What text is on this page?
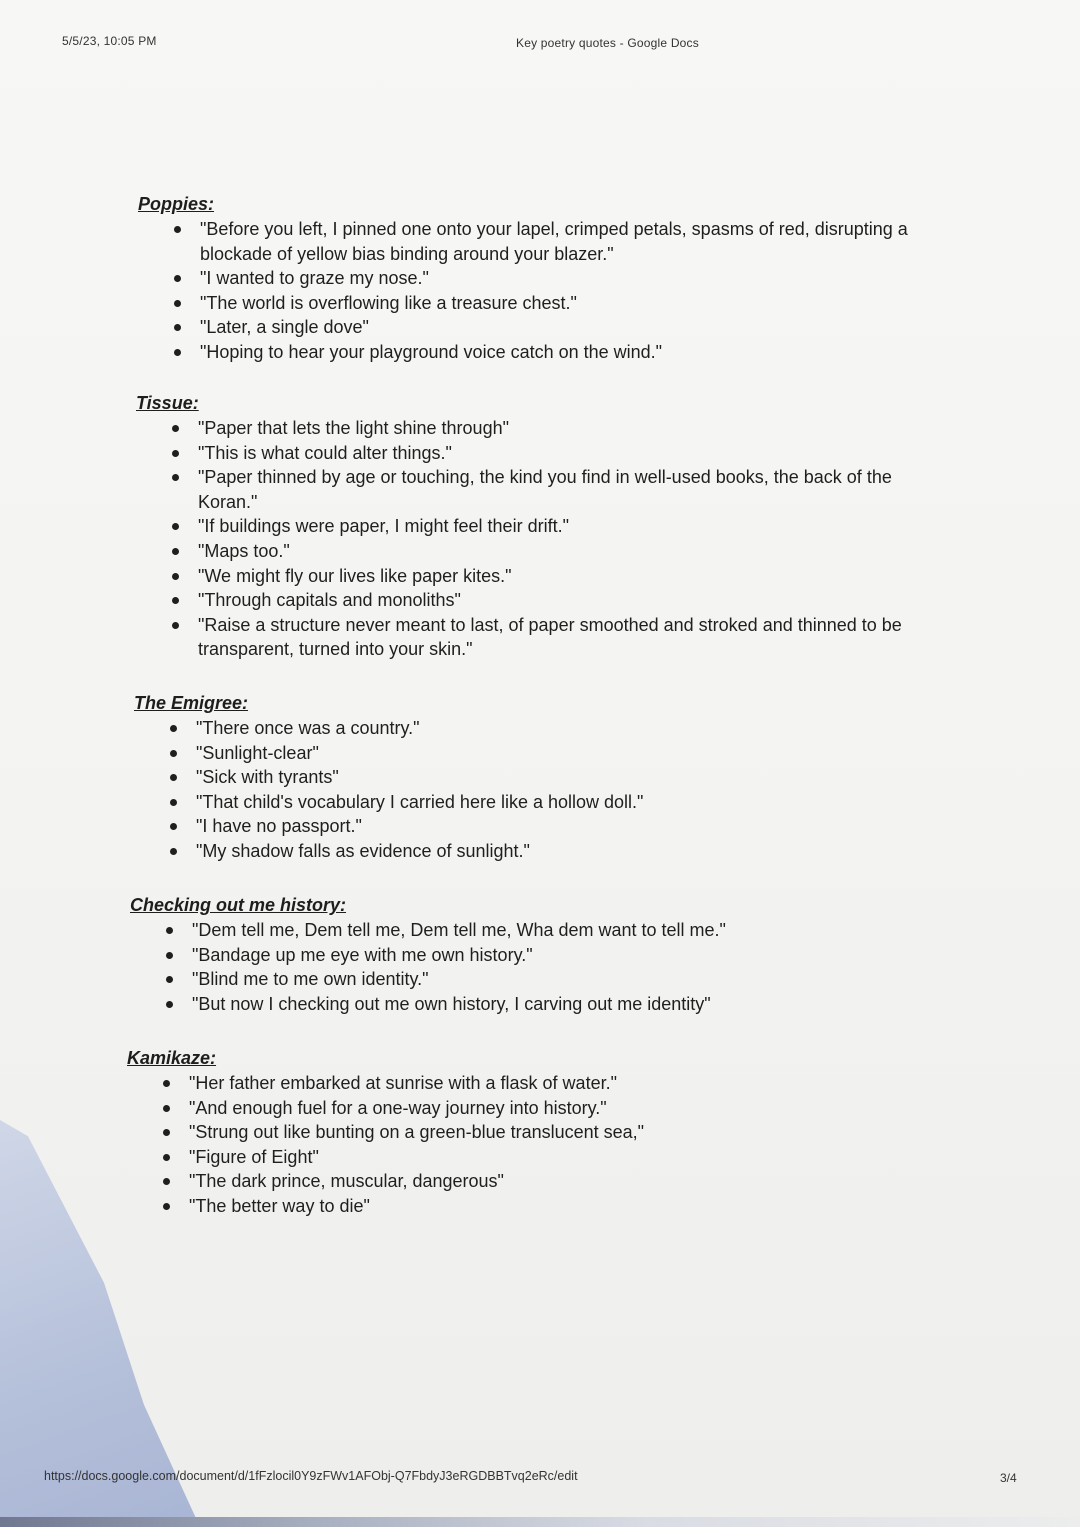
5/5/23, 10:05 PM	Key poetry quotes - Google Docs
Poppies:
"Before you left, I pinned one onto your lapel, crimped petals, spasms of red, disrupting a blockade of yellow bias binding around your blazer."
"I wanted to graze my nose."
"The world is overflowing like a treasure chest."
"Later, a single dove"
"Hoping to hear your playground voice catch on the wind."
Tissue:
"Paper that lets the light shine through"
"This is what could alter things."
"Paper thinned by age or touching, the kind you find in well-used books, the back of the Koran."
"If buildings were paper, I might feel their drift."
"Maps too."
"We might fly our lives like paper kites."
"Through capitals and monoliths"
"Raise a structure never meant to last, of paper smoothed and stroked and thinned to be transparent, turned into your skin."
The Emigree:
"There once was a country."
"Sunlight-clear"
"Sick with tyrants"
"That child's vocabulary I carried here like a hollow doll."
"I have no passport."
"My shadow falls as evidence of sunlight."
Checking out me history:
"Dem tell me, Dem tell me, Dem tell me, Wha dem want to tell me."
"Bandage up me eye with me own history."
"Blind me to me own identity."
"But now I checking out me own history, I carving out me identity"
Kamikaze:
"Her father embarked at sunrise with a flask of water."
"And enough fuel for a one-way journey into history."
"Strung out like bunting on a green-blue translucent sea,"
"Figure of Eight"
"The dark prince, muscular, dangerous"
"The better way to die"
https://docs.google.com/document/d/1fFzlocil0Y9zFWv1AFObj-Q7FbdyJ3eRGDBBTvq2eRc/edit	3/4
